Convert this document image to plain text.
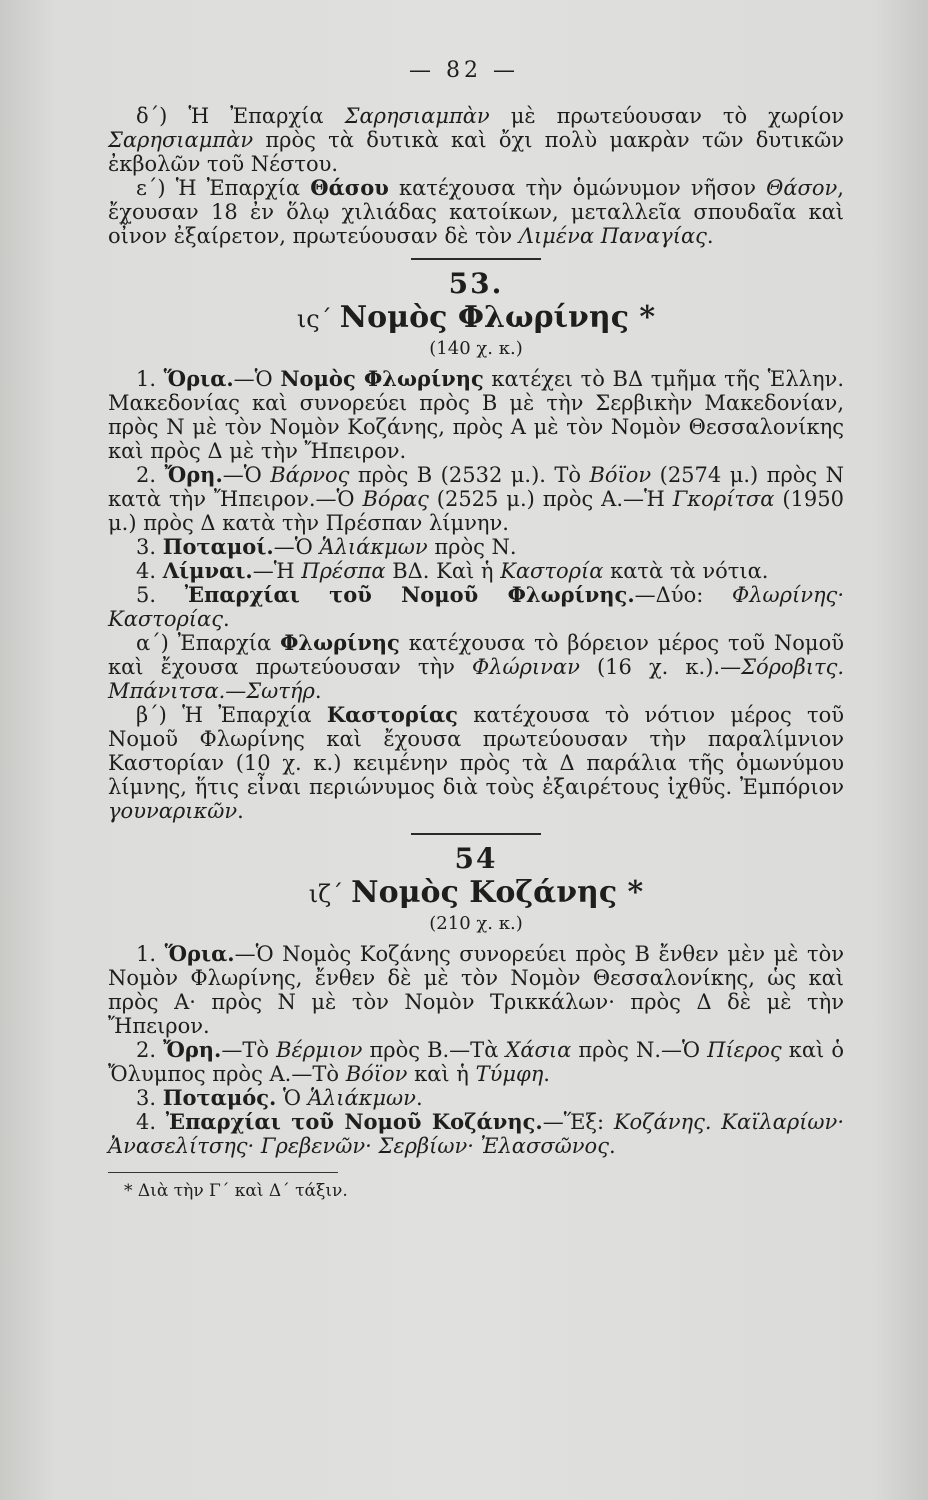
— 82 —

δ΄) Ἡ Ἐπαρχία Σαρησιαμπὰν μὲ πρωτεύουσαν τὸ χωρίον Σαρησιαμπὰν πρὸς τὰ δυτικὰ καὶ ὄχι πολὺ μακρὰν τῶν δυτικῶν ἐκβολῶν τοῦ Νέστου.

ε΄) Ἡ Ἐπαρχία Θάσου κατέχουσα τὴν ὁμώνυμον νῆσον Θάσον, ἔχουσαν 18 ἐν ὅλῳ χιλιάδας κατοίκων, μεταλλεῖα σπουδαῖα καὶ οἶνον ἐξαίρετον, πρωτεύουσαν δὲ τὸν Λιμένα Παναγίας.

53.

ις΄ Νομὸς Φλωρίνης *

(140 χ. κ.)

1. Ὅρια.—Ὁ Νομὸς Φλωρίνης κατέχει τὸ ΒΔ τμῆμα τῆς Ἑλλην. Μακεδονίας καὶ συνορεύει πρὸς Β μὲ τὴν Σερβικὴν Μακεδονίαν, πρὸς Ν μὲ τὸν Νομὸν Κοζάνης, πρὸς Α μὲ τὸν Νομὸν Θεσσαλονίκης καὶ πρὸς Δ μὲ τὴν Ἤπειρον.

2. Ὄρη.—Ὁ Βάρνος πρὸς Β (2532 μ.). Τὸ Βόϊον (2574 μ.) πρὸς Ν κατὰ τὴν Ἤπειρον.—Ὁ Βόρας (2525 μ.) πρὸς Α.—Ἡ Γκορίτσα (1950 μ.) πρὸς Δ κατὰ τὴν Πρέσπαν λίμνην.

3. Ποταμοί.—Ὁ Ἁλιάκμων πρὸς Ν.

4. Λίμναι.—Ἡ Πρέσπα ΒΔ. Καὶ ἡ Καστορία κατὰ τὰ νότια.

5. Ἐπαρχίαι τοῦ Νομοῦ Φλωρίνης.—Δύο: Φλωρίνης· Καστορίας.

α΄) Ἐπαρχία Φλωρίνης κατέχουσα τὸ βόρειον μέρος τοῦ Νομοῦ καὶ ἔχουσα πρωτεύουσαν τὴν Φλώριναν (16 χ. κ.).—Σόροβιτς. Μπάνιτσα.—Σωτήρ.

β΄) Ἡ Ἐπαρχία Καστορίας κατέχουσα τὸ νότιον μέρος τοῦ Νομοῦ Φλωρίνης καὶ ἔχουσα πρωτεύουσαν τὴν παραλίμνιον Καστορίαν (10 χ. κ.) κειμένην πρὸς τὰ Δ παράλια τῆς ὁμωνύμου λίμνης, ἥτις εἶναι περιώνυμος διὰ τοὺς ἐξαιρέτους ἰχθῦς. Ἐμπόριον γουναρικῶν.

54

ιζ΄ Νομὸς Κοζάνης *

(210 χ. κ.)

1. Ὅρια.—Ὁ Νομὸς Κοζάνης συνορεύει πρὸς Β ἔνθεν μὲν μὲ τὸν Νομὸν Φλωρίνης, ἔνθεν δὲ μὲ τὸν Νομὸν Θεσσαλονίκης, ὡς καὶ πρὸς Α· πρὸς Ν μὲ τὸν Νομὸν Τρικκάλων· πρὸς Δ δὲ μὲ τὴν Ἤπειρον.

2. Ὄρη.—Τὸ Βέρμιον πρὸς Β.—Τὰ Χάσια πρὸς Ν.—Ὁ Πίερος καὶ ὁ Ὄλυμπος πρὸς Α.—Τὸ Βόϊον καὶ ἡ Τύμφη.

3. Ποταμός. Ὁ Ἁλιάκμων.

4. Ἐπαρχίαι τοῦ Νομοῦ Κοζάνης.—Ἕξ: Κοζάνης. Καϊλαρίων· Ἀνασελίτσης· Γρεβενῶν· Σερβίων· Ἐλασσῶνος.

* Διὰ τὴν Γ΄ καὶ Δ΄ τάξιν.
